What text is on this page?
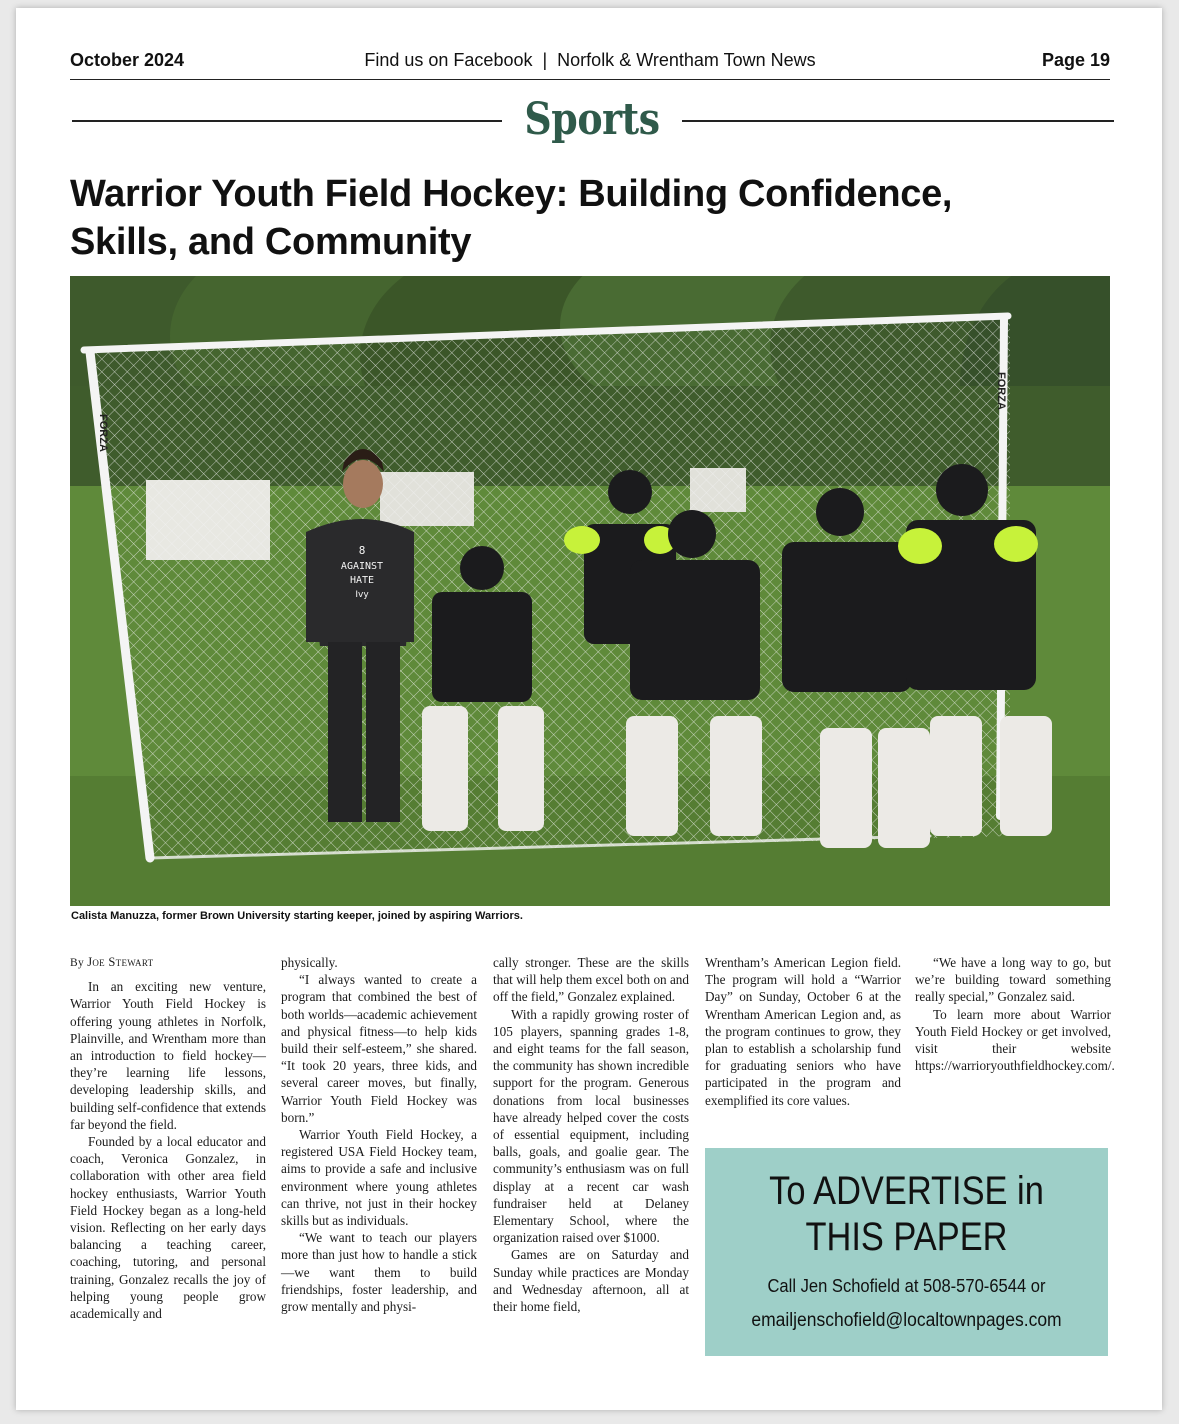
October 2024	Find us on Facebook | Norfolk & Wrentham Town News	Page 19
Sports
Warrior Youth Field Hockey: Building Confidence,
Skills, and Community
FORZA
FORZA
8
AGAINST
HATE
Ivy
Calista Manuzza, former Brown University starting keeper, joined by aspiring Warriors.

By Joe Stewart

In an exciting new venture, Warrior Youth Field Hockey is offering young athletes in Norfolk, Plainville, and Wrentham more than an introduction to field hockey—they’re learning life lessons, developing leadership skills, and building self-confidence that extends far beyond the field.

Founded by a local educator and coach, Veronica Gonzalez, in collaboration with other area field hockey enthusiasts, Warrior Youth Field Hockey began as a long-held vision. Reflecting on her early days balancing a teaching career, coaching, tutoring, and personal training, Gonzalez recalls the joy of helping young people grow academically and

physically.

“I always wanted to create a program that combined the best of both worlds—academic achievement and physical fitness—to help kids build their self-esteem,” she shared. “It took 20 years, three kids, and several career moves, but finally, Warrior Youth Field Hockey was born.”

Warrior Youth Field Hockey, a registered USA Field Hockey team, aims to provide a safe and inclusive environment where young athletes can thrive, not just in their hockey skills but as individuals.

“We want to teach our players more than just how to handle a stick—we want them to build friendships, foster leadership, and grow mentally and physi-

cally stronger. These are the skills that will help them excel both on and off the field,” Gonzalez explained.

With a rapidly growing roster of 105 players, spanning grades 1-8, and eight teams for the fall season, the community has shown incredible support for the program. Generous donations from local businesses have already helped cover the costs of essential equipment, including balls, goals, and goalie gear. The community’s enthusiasm was on full display at a recent car wash fundraiser held at Delaney Elementary School, where the organization raised over $1000.

Games are on Saturday and Sunday while practices are Monday and Wednesday afternoon, all at their home field,

Wrentham’s American Legion field. The program will hold a “Warrior Day” on Sunday, October 6 at the Wrentham American Legion and, as the program continues to grow, they plan to establish a scholarship fund for graduating seniors who have participated in the program and exemplified its core values.

“We have a long way to go, but we’re building toward something really special,” Gonzalez said.

To learn more about Warrior Youth Field Hockey or get involved, visit their website https://warrioryouthfieldhockey.com/.

To ADVERTISE in
THIS PAPER
Call Jen Schofield at 508-570-6544 or
emailjenschofield@localtownpages.com
